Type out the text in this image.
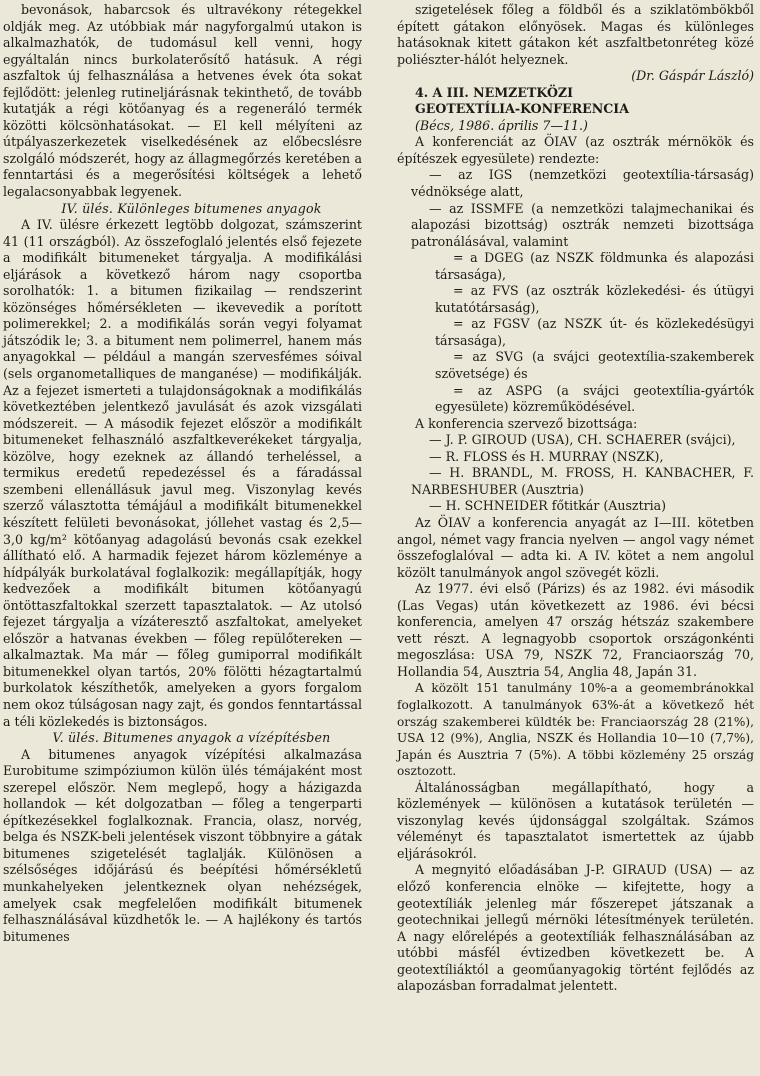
bevonások, habarcsok és ultravékony rétegekkel oldják meg. Az utóbbiak már nagyforgalmú utakon is alkalmazhatók, de tudomásul kell venni, hogy egyáltalán nincs burkolaterősítő hatásuk. A régi aszfaltok új felhasználása a hetvenes évek óta sokat fejlődött: jelenleg rutineljárásnak tekinthető, de tovább kutatják a régi kötőanyag és a regeneráló termék közötti kölcsönhatásokat. — El kell mélyíteni az útpályaszerkezetek viselkedésének az előbecslésre szolgáló módszerét, hogy az állagmegőrzés keretében a fenntartási és a megerősítési költségek a lehető legalacsonyabbak legyenek.

IV. ülés. Különleges bitumenes anyagok

A IV. ülésre érkezett legtöbb dolgozat, számszerint 41 (11 országból). Az összefoglaló jelentés első fejezete a modifikált bitumeneket tárgyalja. A modifikálási eljárások a következő három nagy csoportba sorolhatók: 1. a bitumen fizikailag — rendszerint közönséges hőmérsékleten — ikevevedik a porított polimerekkel; 2. a modifikálás során vegyi folyamat játszódik le; 3. a bitument nem polimerrel, hanem más anyagokkal — például a mangán szervesfémes sóival (sels organometalliques de manganése) — modifikálják. Az a fejezet ismerteti a tulajdonságoknak a modifikálás következtében jelentkező javulását és azok vizsgálati módszereit. — A második fejezet először a modifikált bitumeneket felhasználó aszfaltkeverékeket tárgyalja, közölve, hogy ezeknek az állandó terheléssel, a termikus eredetű repedezéssel és a fáradással szembeni ellenállásuk javul meg. Viszonylag kevés szerző választotta témájául a modifikált bitumenekkel készített felületi bevonásokat, jóllehet vastag és 2,5—3,0 kg/m² kötőanyag adagolású bevonás csak ezekkel állítható elő. A harmadik fejezet három közleménye a hídpályák burkolatával foglalkozik: megállapítják, hogy kedvezőek a modifikált bitumen kötőanyagú öntöttaszfaltokkal szerzett tapasztalatok. — Az utolsó fejezet tárgyalja a vízáteresztő aszfaltokat, amelyeket először a hatvanas években — főleg repülőtereken — alkalmaztak. Ma már — főleg gumiporral modifikált bitumenekkel olyan tartós, 20% fölötti hézagtartalmú burkolatok készíthetők, amelyeken a gyors forgalom nem okoz túlságosan nagy zajt, és gondos fenntartással a téli közlekedés is biztonságos.

V. ülés. Bitumenes anyagok a vízépítésben

A bitumenes anyagok vízépítési alkalmazása Eurobitume szimpóziumon külön ülés témájaként most szerepel először. Nem meglepő, hogy a házigazda hollandok — két dolgozatban — főleg a tengerparti építkezésekkel foglalkoznak. Francia, olasz, norvég, belga és NSZK-beli jelentések viszont többnyire a gátak bitumenes szigetelését taglalják. Különösen a szélsőséges időjárású és beépítési hőmérsékletű munkahelyeken jelentkeznek olyan nehézségek, amelyek csak megfelelően modifikált bitumenek felhasználásával küzdhetők le. — A hajlékony és tartós bitumenes

szigetelések főleg a földből és a sziklatömbökből épített gátakon előnyösek. Magas és különleges hatásoknak kitett gátakon két aszfaltbetonréteg közé poliészter-hálót helyeznek.

(Dr. Gáspár László)

4. A III. NEMZETKÖZI

GEOTEXTÍLIA-KONFERENCIA

(Bécs, 1986. április 7—11.)

A konferenciát az ÖIAV (az osztrák mérnökök és építészek egyesülete) rendezte:

— az IGS (nemzetközi geotextília-társaság) védnöksége alatt,

— az ISSMFE (a nemzetközi talajmechanikai és alapozási bizottság) osztrák nemzeti bizottsága patronálásával, valamint

= a DGEG (az NSZK földmunka és alapozási társasága),

= az FVS (az osztrák közlekedési- és útügyi kutatótársaság),

= az FGSV (az NSZK út- és közlekedésügyi társasága),

= az SVG (a svájci geotextília-szakemberek szövetsége) és

= az ASPG (a svájci geotextília-gyártók egyesülete) közreműködésével.

A konferencia szervező bizottsága:

— J. P. GIROUD (USA), CH. SCHAERER (svájci),

— R. FLOSS és H. MURRAY (NSZK),

— H. BRANDL, M. FROSS, H. KANBACHER, F. NARBESHUBER (Ausztria)

— H. SCHNEIDER főtitkár (Ausztria)

Az ÖIAV a konferencia anyagát az I—III. kötetben angol, német vagy francia nyelven — angol vagy német összefoglalóval — adta ki. A IV. kötet a nem angolul közölt tanulmányok angol szövegét közli.

Az 1977. évi első (Párizs) és az 1982. évi második (Las Vegas) után következett az 1986. évi bécsi konferencia, amelyen 47 ország hétszáz szakembere vett részt. A legnagyobb csoportok országonkénti megoszlása: USA 79, NSZK 72, Franciaország 70, Hollandia 54, Ausztria 54, Anglia 48, Japán 31.

A közölt 151 tanulmány 10%-a a geomembránokkal foglalkozott. A tanulmányok 63%-át a következő hét ország szakemberei küldték be: Franciaország 28 (21%), USA 12 (9%), Anglia, NSZK és Hollandia 10—10 (7,7%), Japán és Ausztria 7 (5%). A többi közlemény 25 ország osztozott.

Általánosságban megállapítható, hogy a közlemények — különösen a kutatások területén — viszonylag kevés újdonsággal szolgáltak. Számos véleményt és tapasztalatot ismertettek az újabb eljárásokról.

A megnyitó előadásában J-P. GIRAUD (USA) — az előző konferencia elnöke — kifejtette, hogy a geotextíliák jelenleg már főszerepet játszanak a geotechnikai jellegű mérnöki létesítmények területén. A nagy előrelépés a geotextíliák felhasználásában az utóbbi másfél évtizedben következett be. A geotextíliáktól a geoműanyagokig történt fejlődés az alapozásban forradalmat jelentett.
